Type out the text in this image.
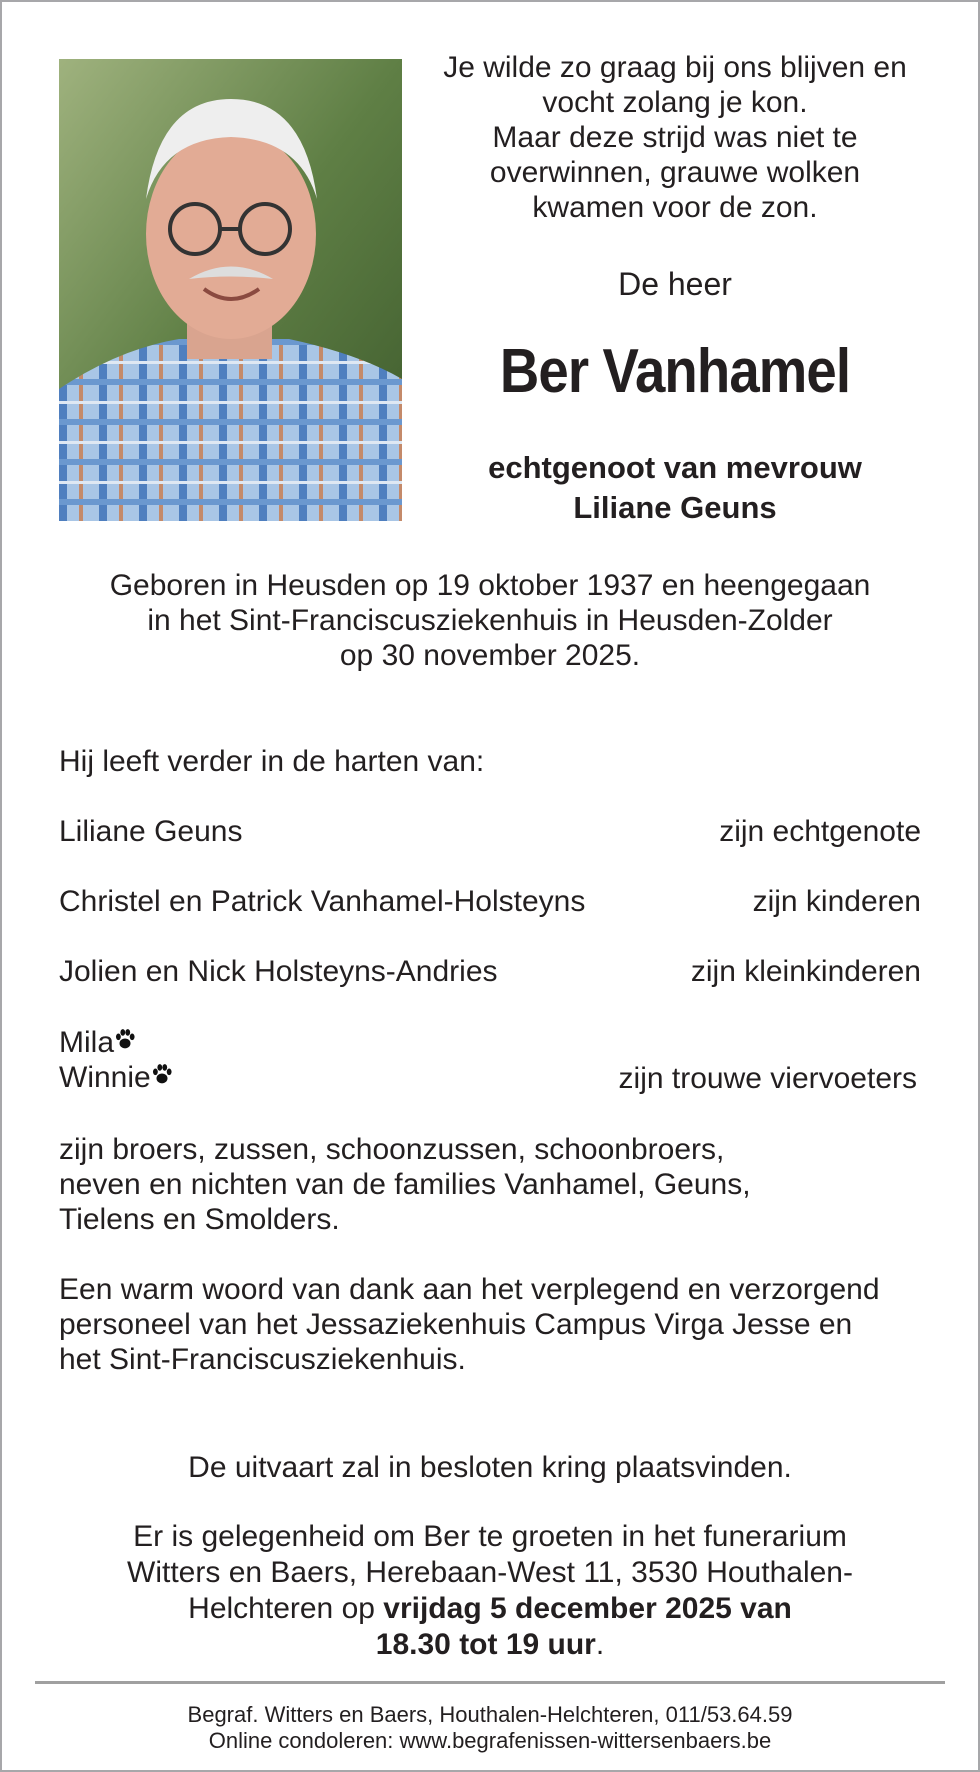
Je wilde zo graag bij ons blijven en
vocht zolang je kon.
Maar deze strijd was niet te
overwinnen, grauwe wolken
kwamen voor de zon.
De heer
Ber Vanhamel
echtgenoot van mevrouw
Liliane Geuns
Geboren in Heusden op 19 oktober 1937 en heengegaan
in het Sint-Franciscusziekenhuis in Heusden-Zolder
op 30 november 2025.
Hij leeft verder in de harten van:
Liliane Geuns	zijn echtgenote
Christel en Patrick Vanhamel-Holsteyns	zijn kinderen
Jolien en Nick Holsteyns-Andries	zijn kleinkinderen
Mila
Winnie	zijn trouwe viervoeters
zijn broers, zussen, schoonzussen, schoonbroers,
neven en nichten van de families Vanhamel, Geuns,
Tielens en Smolders.
Een warm woord van dank aan het verplegend en verzorgend
personeel van het Jessaziekenhuis Campus Virga Jesse en
het Sint-Franciscusziekenhuis.
De uitvaart zal in besloten kring plaatsvinden.
Er is gelegenheid om Ber te groeten in het funerarium
Witters en Baers, Herebaan-West 11, 3530 Houthalen-
Helchteren op vrijdag 5 december 2025 van
18.30 tot 19 uur.
Begraf. Witters en Baers, Houthalen-Helchteren, 011/53.64.59
Online condoleren: www.begrafenissen-wittersenbaers.be
